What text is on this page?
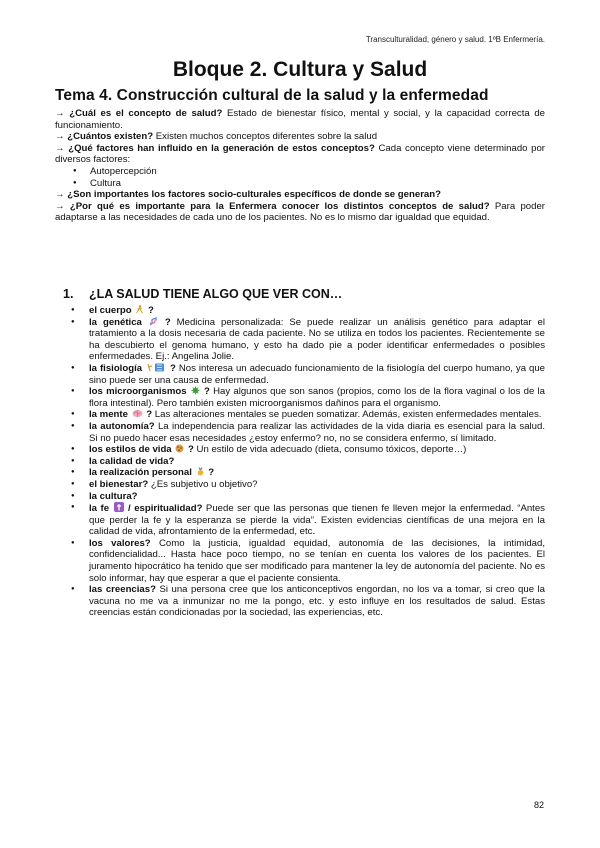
Transculturalidad, género y salud. 1ºB Enfermería.
Bloque 2. Cultura y Salud
Tema 4. Construcción cultural de la salud y la enfermedad

→ ¿Cuál es el concepto de salud? Estado de bienestar físico, mental y social, y la capacidad correcta de funcionamiento.

→ ¿Cuántos existen? Existen muchos conceptos diferentes sobre la salud

→ ¿Qué factores han influido en la generación de estos conceptos? Cada concepto viene determinado por diversos factores:

● Autopercepción
● Cultura

→ ¿Son importantes los factores socio-culturales específicos de donde se generan?

→ ¿Por qué es importante para la Enfermera conocer los distintos conceptos de salud? Para poder adaptarse a las necesidades de cada uno de los pacientes. No es lo mismo dar igualdad que equidad.

1. ¿LA SALUD TIENE ALGO QUE VER CON…

● el cuerpo  ?

● la genética  ? Medicina personalizada: Se puede realizar un análisis genético para adaptar el tratamiento a la dosis necesaria de cada paciente. No se utiliza en todos los pacientes. Recientemente se ha descubierto el genoma humano, y esto ha dado pie a poder identificar enfermedades o posibles enfermedades. Ej.: Angelina Jolie.

● la fisiología	? Nos interesa un adecuado funcionamiento de la fisiología del cuerpo humano, ya que sino puede ser una causa de enfermedad.

● los microorganismos  ? Hay algunos que son sanos (propios, como los de la flora vaginal o los de la flora intestinal). Pero también existen microorganismos dañinos para el organismo.

● la mente  ? Las alteraciones mentales se pueden somatizar. Además, existen enfermedades mentales.

● la autonomía? La independencia para realizar las actividades de la vida diaria es esencial para la salud. Si no puedo hacer esas necesidades ¿estoy enfermo? no, no se considera enfermo, sí limitado.

● los estilos de vida  ? Un estilo de vida adecuado (dieta, consumo tóxicos, deporte…)

● la calidad de vida?

● la realización personal  ?

● el bienestar? ¿Es subjetivo u objetivo?

● la cultura?

● la fe  / espiritualidad? Puede ser que las personas que tienen fe lleven mejor la enfermedad. “Antes que perder la fe y la esperanza se pierde la vida”. Existen evidencias científicas de una mejora en la calidad de vida, afrontamiento de la enfermedad, etc.

● los valores? Como la justicia, igualdad equidad, autonomía de las decisiones, la intimidad, confidencialidad... Hasta hace poco tiempo, no se tenían en cuenta los valores de los pacientes. El juramento hipocrático ha tenido que ser modificado para mantener la ley de autonomía del paciente. No es solo informar, hay que esperar a que el paciente consienta.

● las creencias? Si una persona cree que los anticonceptivos engordan, no los va a tomar, si creo que la vacuna no me va a inmunizar no me la pongo, etc. y esto influye en los resultados de salud. Estas creencias están condicionadas por la sociedad, las experiencias, etc.

82
